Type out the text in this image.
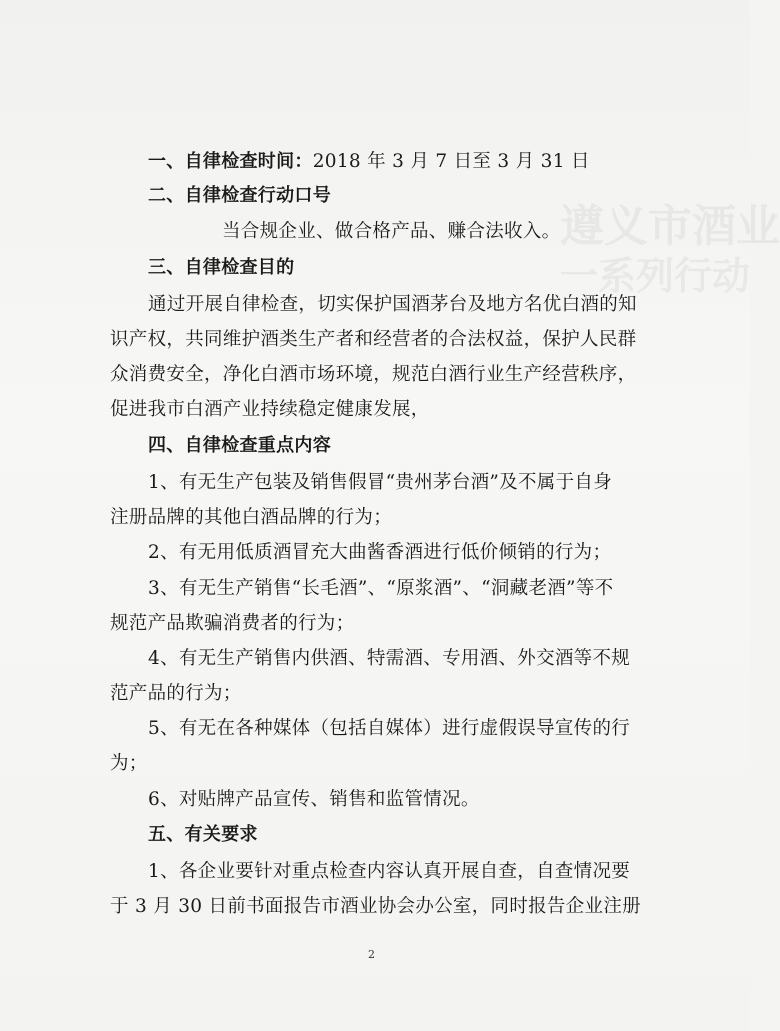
遵义市酒业
一系列行动
一、自律检查时间：2018 年 3 月 7 日至 3 月 31 日
二、自律检查行动口号
当合规企业、做合格产品、赚合法收入。
三、自律检查目的
通过开展自律检查，切实保护国酒茅台及地方名优白酒的知
识产权，共同维护酒类生产者和经营者的合法权益，保护人民群
众消费安全，净化白酒市场环境，规范白酒行业生产经营秩序，
促进我市白酒产业持续稳定健康发展，
四、自律检查重点内容
1、有无生产包装及销售假冒“贵州茅台酒”及不属于自身
注册品牌的其他白酒品牌的行为；
2、有无用低质酒冒充大曲酱香酒进行低价倾销的行为；
3、有无生产销售“长毛酒”、“原浆酒”、“洞藏老酒”等不
规范产品欺骗消费者的行为；
4、有无生产销售内供酒、特需酒、专用酒、外交酒等不规
范产品的行为；
5、有无在各种媒体（包括自媒体）进行虚假误导宣传的行
为；
6、对贴牌产品宣传、销售和监管情况。
五、有关要求
1、各企业要针对重点检查内容认真开展自查，自查情况要
于 3 月 30 日前书面报告市酒业协会办公室，同时报告企业注册
2
